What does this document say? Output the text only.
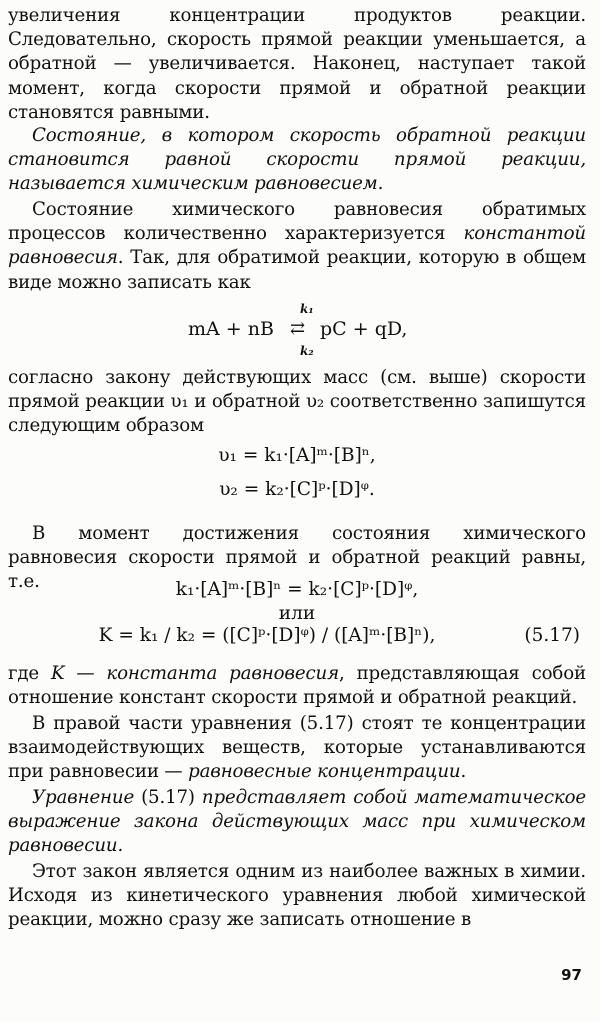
увеличения концентрации продуктов реакции. Следовательно, скорость прямой реакции уменьшается, а обратной — увеличивается. Наконец, наступает такой момент, когда скорости прямой и обратной реакции становятся равными.

Состояние, в котором скорость обратной реакции становится равной скорости прямой реакции, называется химическим равновесием.

Состояние химического равновесия обратимых процессов количественно характеризуется константой равновесия. Так, для обратимой реакции, которую в общем виде можно записать как

mA + nB
k₁
⇄
k₂
pC + qD,

согласно закону действующих масс (см. выше) скорости прямой реакции υ₁ и обратной υ₂ соответственно запишутся следующим образом

υ₁ = k₁·[A]ᵐ·[B]ⁿ,
υ₂ = k₂·[C]ᵖ·[D]ᵠ.

В момент достижения состояния химического равновесия скорости прямой и обратной реакций равны, т.е.	k₁·[A]ᵐ·[B]ⁿ = k₂·[C]ᵖ·[D]ᵠ,
или
K = k₁ / k₂ = ([C]ᵖ·[D]ᵠ) / ([A]ᵐ·[B]ⁿ),	(5.17)

где K — константа равновесия, представляющая собой отношение констант скорости прямой и обратной реакций.

В правой части уравнения (5.17) стоят те концентрации взаимодействующих веществ, которые устанавливаются при равновесии — равновесные концентрации.

Уравнение (5.17) представляет собой математическое выражение закона действующих масс при химическом равновесии.

Этот закон является одним из наиболее важных в химии. Исходя из кинетического уравнения любой химической реакции, можно сразу же записать отношение в

97
